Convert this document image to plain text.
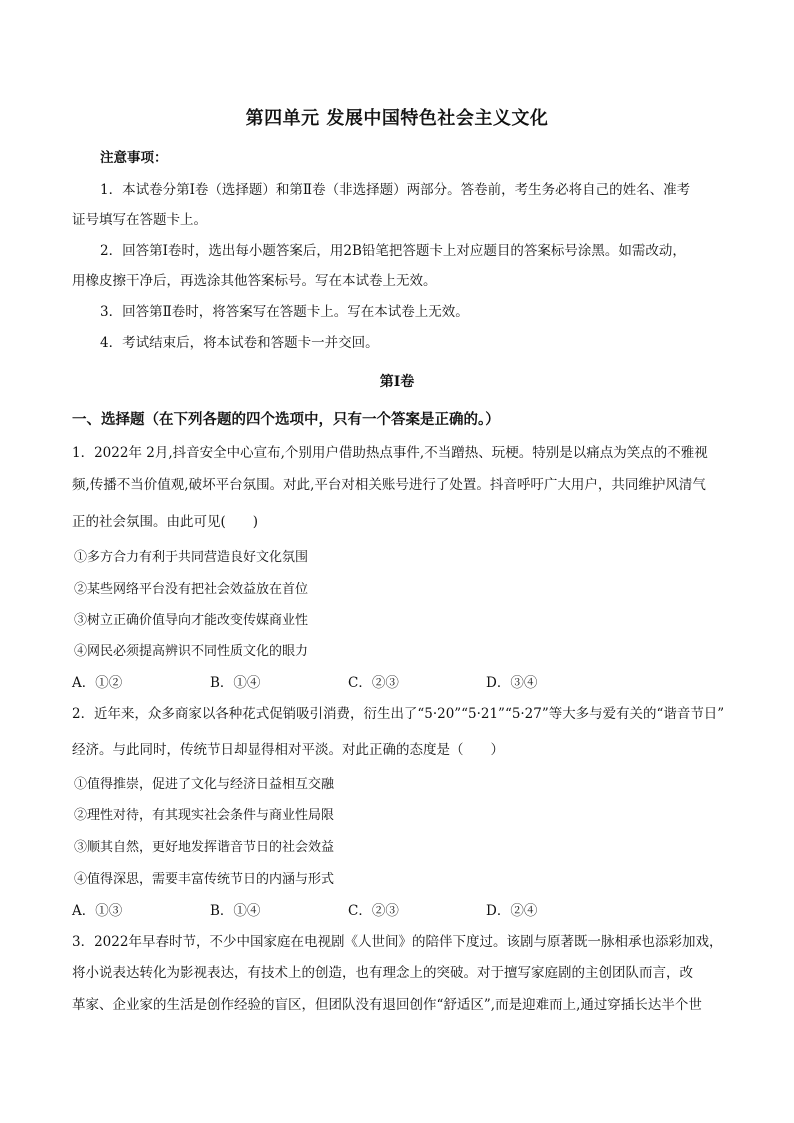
第四单元 发展中国特色社会主义文化
注意事项：
1．本试卷分第Ⅰ卷（选择题）和第Ⅱ卷（非选择题）两部分。答卷前，考生务必将自己的姓名、准考
证号填写在答题卡上。
2．回答第Ⅰ卷时，选出每小题答案后，用2B铅笔把答题卡上对应题目的答案标号涂黑。如需改动，
用橡皮擦干净后，再选涂其他答案标号。写在本试卷上无效。
3．回答第Ⅱ卷时，将答案写在答题卡上。写在本试卷上无效。
4．考试结束后，将本试卷和答题卡一并交回。
第Ⅰ卷
一、选择题（在下列各题的四个选项中，只有一个答案是正确的。）
1．2022年 2月,抖音安全中心宣布,个别用户借助热点事件,不当蹭热、玩梗。特别是以痛点为笑点的不雅视
频,传播不当价值观,破坏平台氛围。对此,平台对相关账号进行了处置。抖音呼吁广大用户，共同维护风清气
正的社会氛围。由此可见(　　)
①多方合力有利于共同营造良好文化氛围
②某些网络平台没有把社会效益放在首位
③树立正确价值导向才能改变传媒商业性
④网民必须提高辨识不同性质文化的眼力
A．①②	B．①④	C．②③	D．③④
2．近年来，众多商家以各种花式促销吸引消费，衍生出了“5·20”“5·21”“5·27”等大多与爱有关的“谐音节日”
经济。与此同时，传统节日却显得相对平淡。对此正确的态度是（　　）
①值得推崇，促进了文化与经济日益相互交融
②理性对待，有其现实社会条件与商业性局限
③顺其自然，更好地发挥谐音节日的社会效益
④值得深思，需要丰富传统节日的内涵与形式
A．①③	B．①④	C．②③	D．②④
3．2022年早春时节，不少中国家庭在电视剧《人世间》的陪伴下度过。该剧与原著既一脉相承也添彩加戏，
将小说表达转化为影视表达，有技术上的创造，也有理念上的突破。对于擅写家庭剧的主创团队而言，改
革家、企业家的生活是创作经验的盲区，但团队没有退回创作“舒适区”,而是迎难而上,通过穿插长达半个世
